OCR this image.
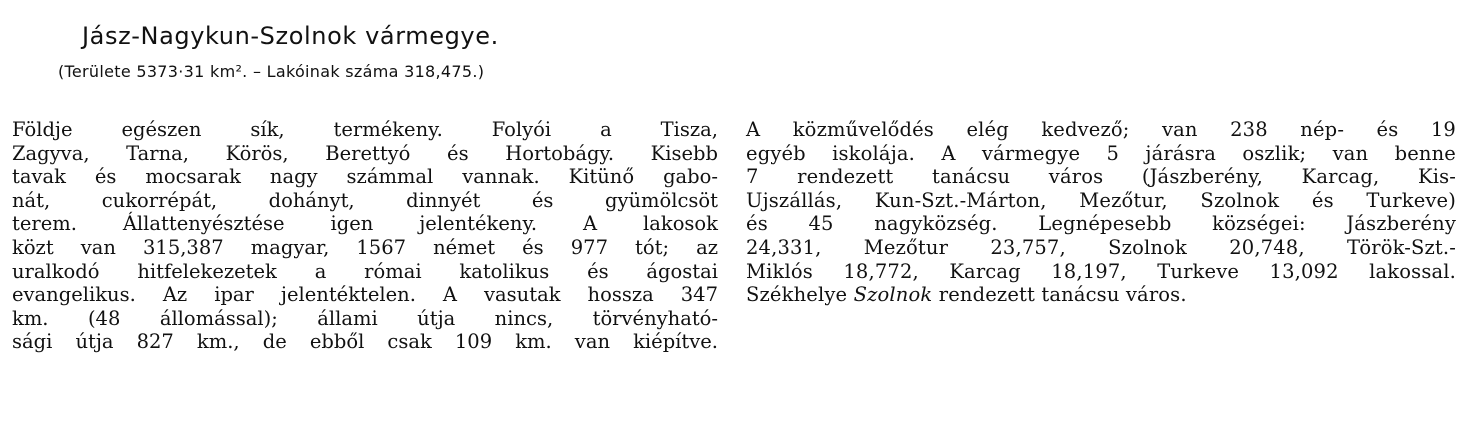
Jász-Nagykun-Szolnok vármegye.
(Területe 5373·31 km². – Lakóinak száma 318,475.)
Földje egészen sík, termékeny. Folyói a Tisza,
Zagyva, Tarna, Körös, Berettyó és Hortobágy. Kisebb
tavak és mocsarak nagy számmal vannak. Kitünő gabo-
nát, cukorrépát, dohányt, dinnyét és gyümölcsöt
terem. Állattenyésztése igen jelentékeny. A lakosok
közt van 315,387 magyar, 1567 német és 977 tót; az
uralkodó hitfelekezetek a római katolikus és ágostai
evangelikus. Az ipar jelentéktelen. A vasutak hossza 347
km. (48 állomással); állami útja nincs, törvényható-
sági útja 827 km., de ebből csak 109 km. van kiépítve.
A közművelődés elég kedvező; van 238 nép- és 19
egyéb iskolája. A vármegye 5 járásra oszlik; van benne
7 rendezett tanácsu város (Jászberény, Karcag, Kis-
Ujszállás, Kun-Szt.-Márton, Mezőtur, Szolnok és Turkeve)
és 45 nagyközség. Legnépesebb községei: Jászberény
24,331, Mezőtur 23,757, Szolnok 20,748, Török-Szt.-
Miklós 18,772, Karcag 18,197, Turkeve 13,092 lakossal.
Székhelye Szolnok rendezett tanácsu város.
